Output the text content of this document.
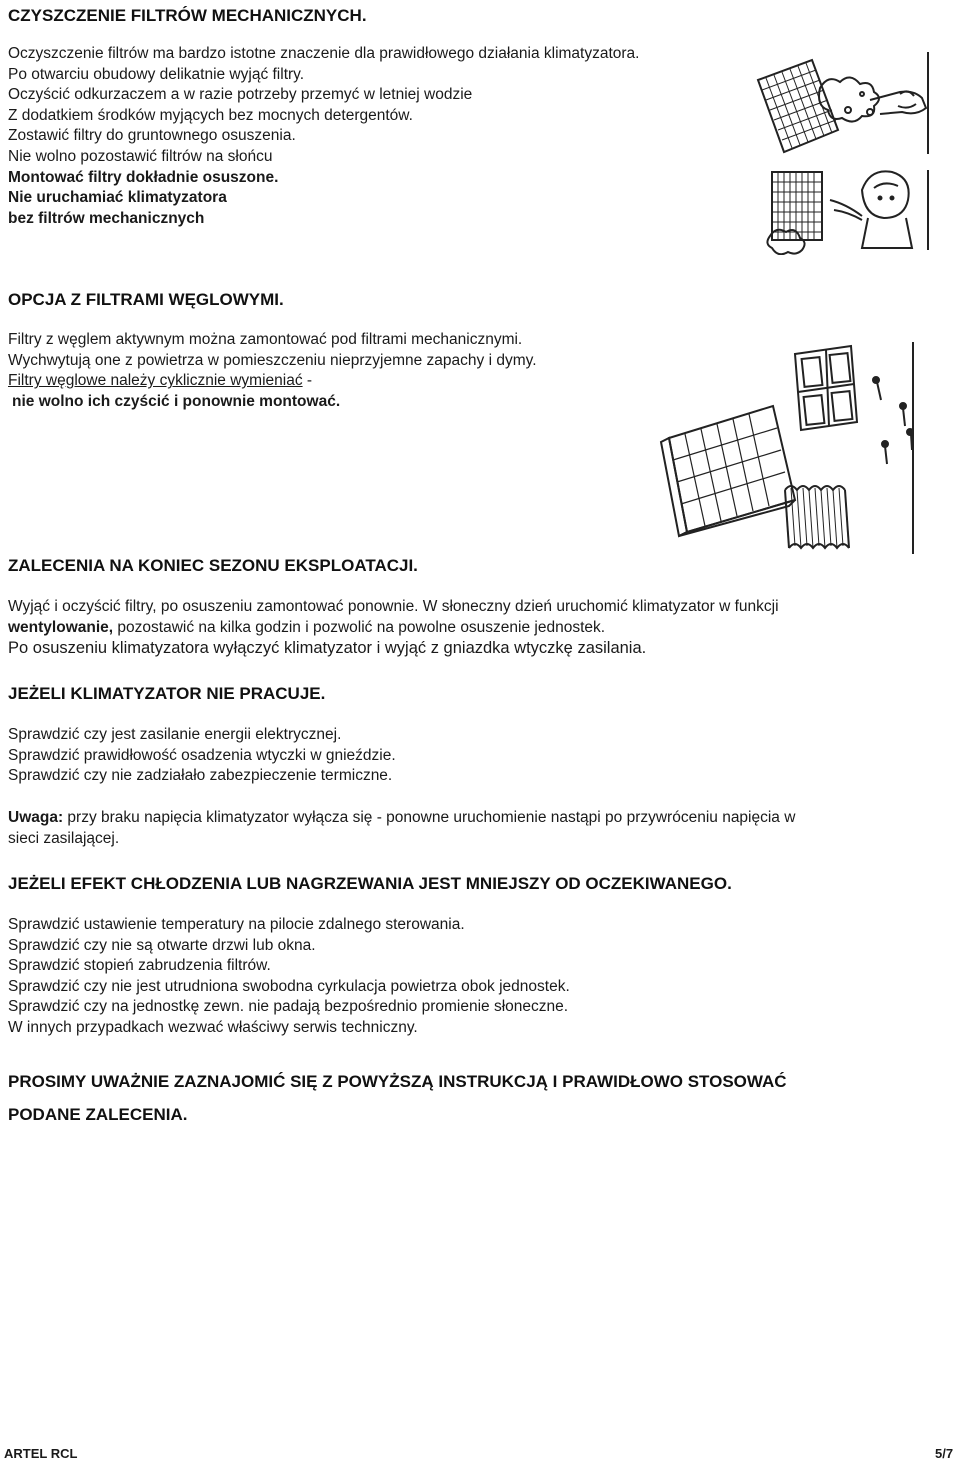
CZYSZCZENIE FILTRÓW MECHANICZNYCH.
Oczyszczenie filtrów ma bardzo istotne znaczenie dla prawidłowego działania klimatyzatora.
Po otwarciu obudowy delikatnie wyjąć filtry.
Oczyścić odkurzaczem a w razie potrzeby przemyć w letniej wodzie
Z dodatkiem środków myjących bez mocnych detergentów.
Zostawić filtry do gruntownego osuszenia.
Nie wolno pozostawić filtrów na słońcu
Montować filtry dokładnie osuszone.
Nie uruchamiać klimatyzatora
bez filtrów mechanicznych
OPCJA Z FILTRAMI WĘGLOWYMI.
Filtry z węglem aktywnym można zamontować pod filtrami mechanicznymi.
Wychwytują one z powietrza w pomieszczeniu nieprzyjemne zapachy i dymy.
Filtry węglowe należy cyklicznie wymieniać -
nie wolno ich czyścić i ponownie montować.
ZALECENIA NA KONIEC SEZONU EKSPLOATACJI.
Wyjąć i oczyścić filtry, po osuszeniu zamontować ponownie. W słoneczny dzień uruchomić klimatyzator w funkcji
wentylowanie, pozostawić na kilka godzin i pozwolić na powolne osuszenie jednostek.
Po osuszeniu klimatyzatora wyłączyć klimatyzator i wyjąć z gniazdka wtyczkę zasilania.
JEŻELI KLIMATYZATOR NIE PRACUJE.
Sprawdzić czy jest zasilanie energii elektrycznej.
Sprawdzić prawidłowość osadzenia wtyczki w gnieździe.
Sprawdzić czy nie zadziałało zabezpieczenie termiczne.
Uwaga: przy braku napięcia klimatyzator wyłącza się - ponowne uruchomienie nastąpi po przywróceniu napięcia w
sieci zasilającej.
JEŻELI EFEKT CHŁODZENIA LUB NAGRZEWANIA JEST MNIEJSZY OD OCZEKIWANEGO.
Sprawdzić ustawienie temperatury na pilocie zdalnego sterowania.
Sprawdzić czy nie są otwarte drzwi lub okna.
Sprawdzić stopień zabrudzenia filtrów.
Sprawdzić czy nie jest utrudniona swobodna cyrkulacja powietrza obok jednostek.
Sprawdzić czy na jednostkę zewn. nie padają bezpośrednio promienie słoneczne.
W innych przypadkach wezwać właściwy serwis techniczny.
PROSIMY UWAŻNIE ZAZNAJOMIĆ SIĘ Z POWYŻSZĄ INSTRUKCJĄ I PRAWIDŁOWO STOSOWAĆ
PODANE ZALECENIA.
ARTEL RCL	5/7
